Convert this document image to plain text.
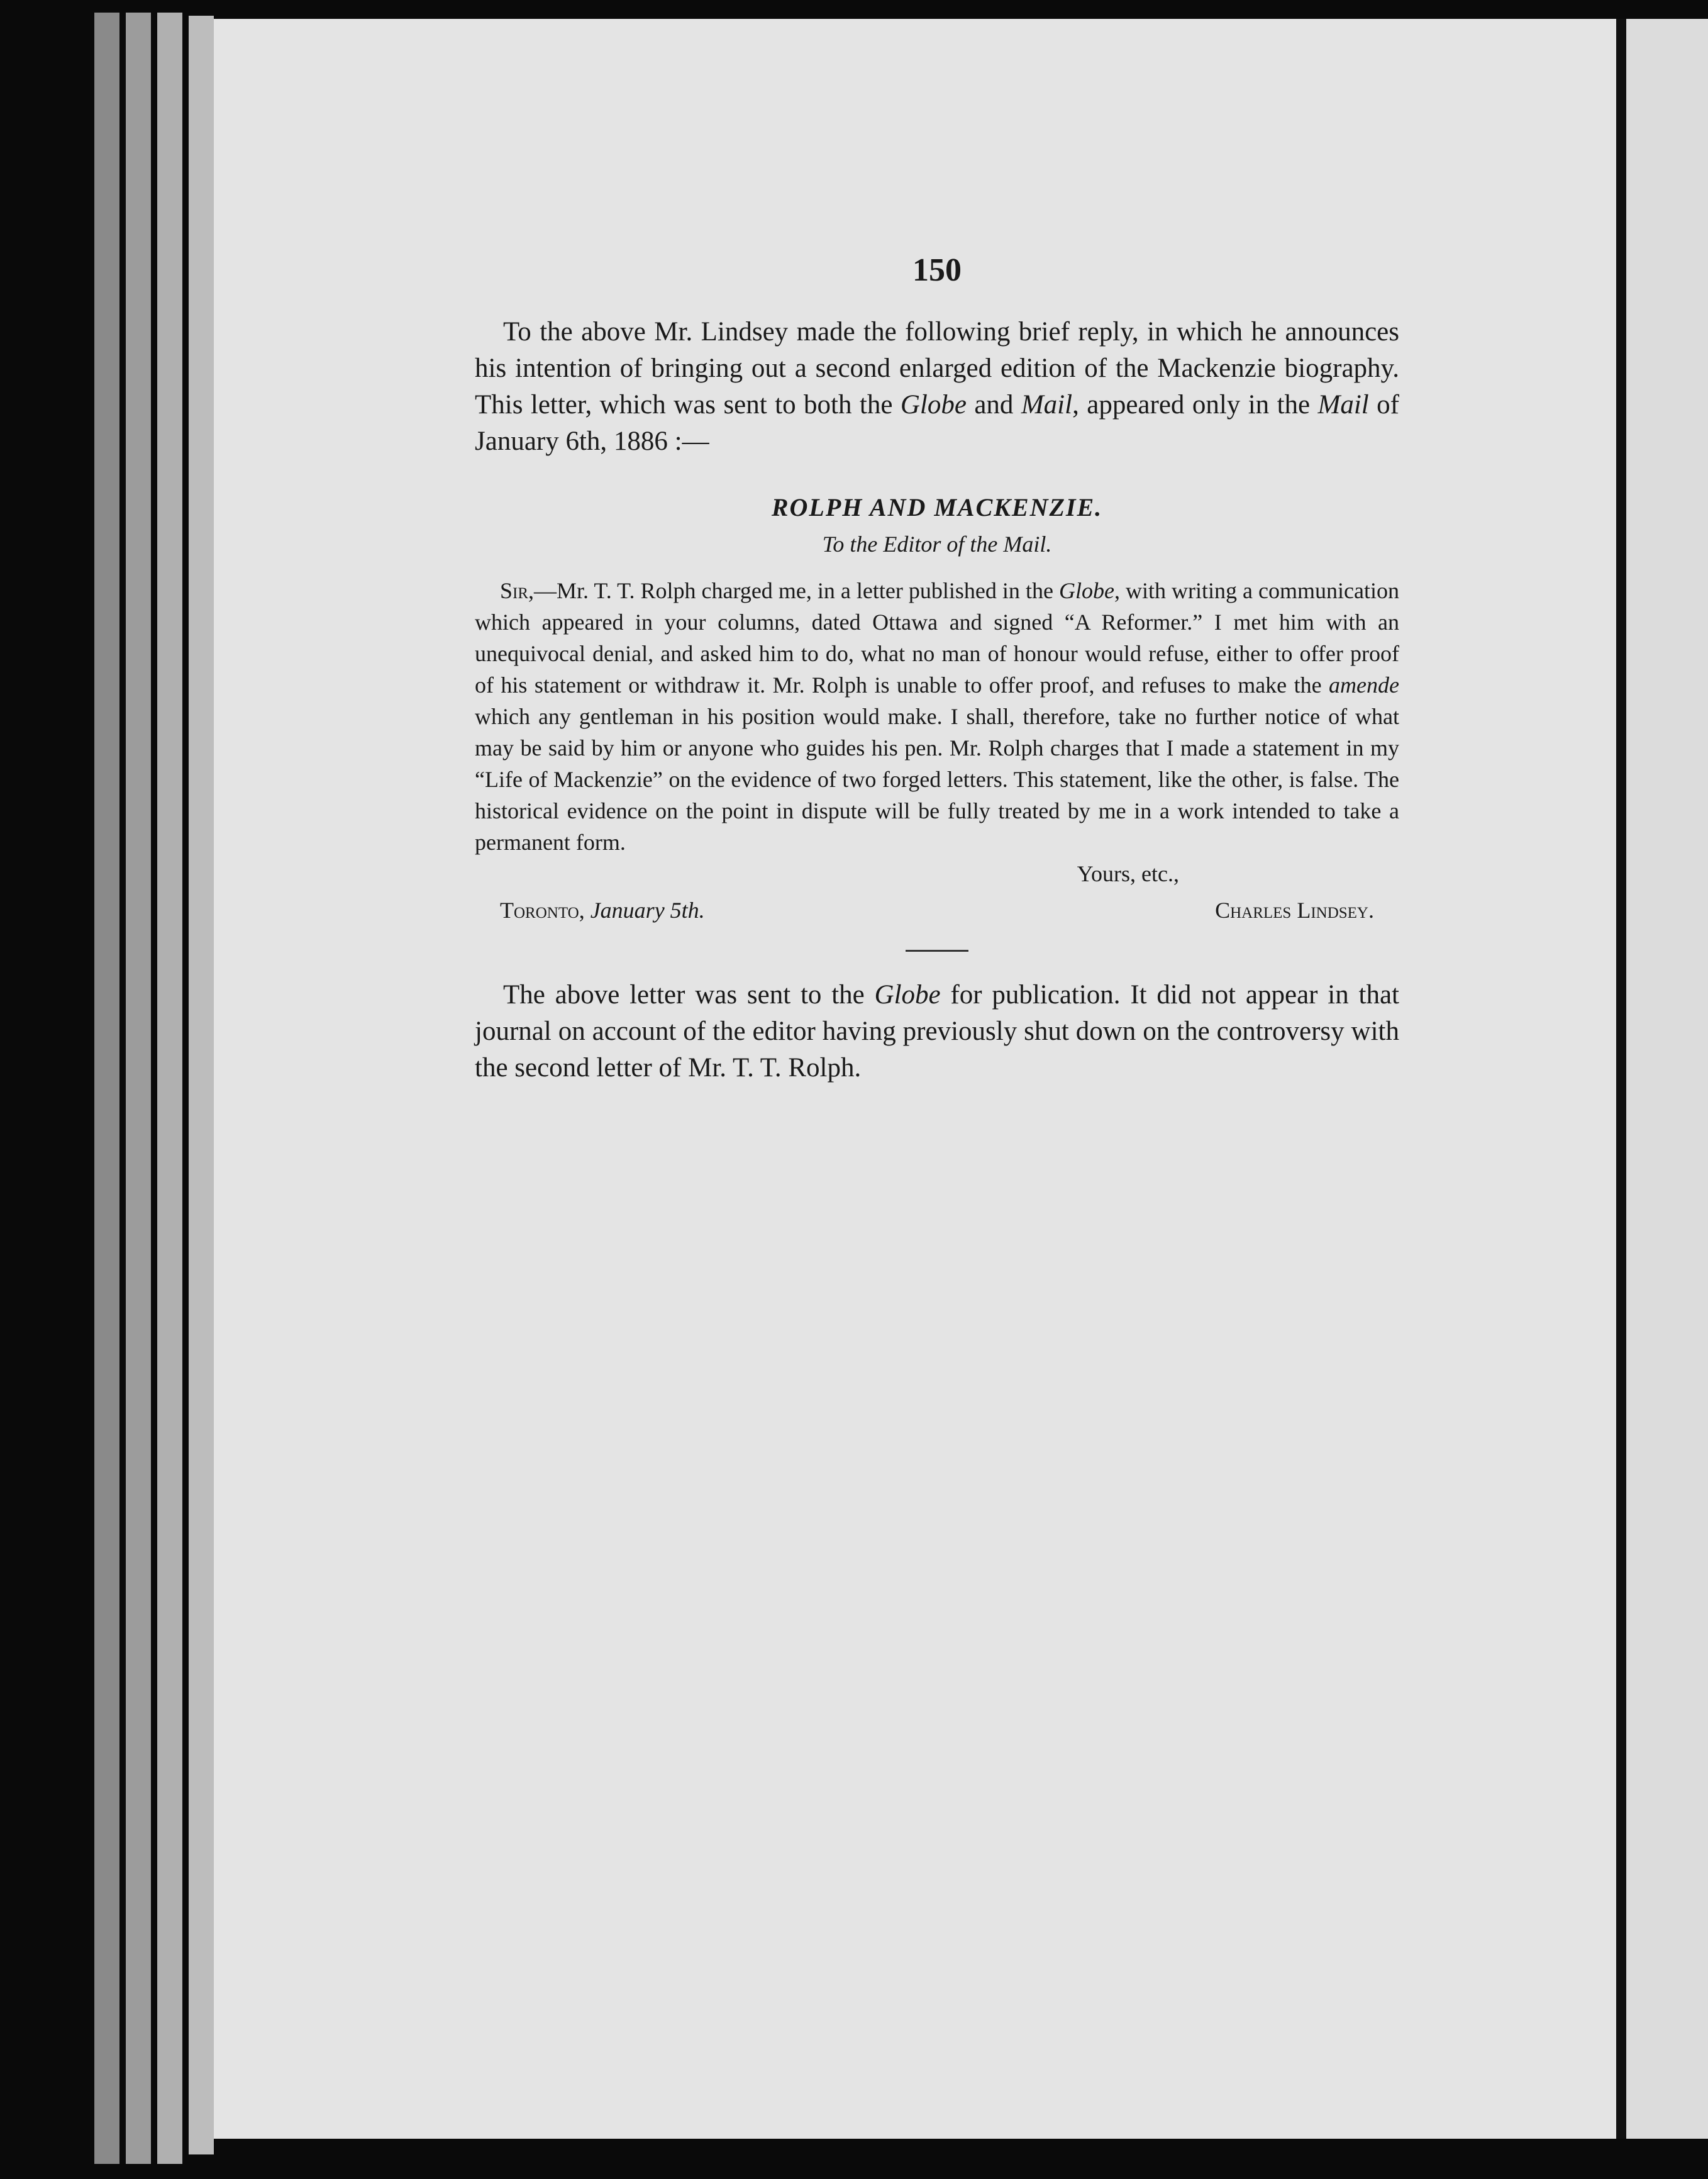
150

To the above Mr. Lindsey made the following brief reply, in which he announces his intention of bringing out a second enlarged edition of the Mackenzie biography. This letter, which was sent to both the Globe and Mail, appeared only in the Mail of January 6th, 1886 :—

ROLPH AND MACKENZIE.
To the Editor of the Mail.

Sir,—Mr. T. T. Rolph charged me, in a letter published in the Globe, with writing a communication which appeared in your columns, dated Ottawa and signed “A Reformer.” I met him with an unequivocal denial, and asked him to do, what no man of honour would refuse, either to offer proof of his statement or withdraw it. Mr. Rolph is unable to offer proof, and refuses to make the amende which any gentleman in his position would make. I shall, therefore, take no further notice of what may be said by him or anyone who guides his pen. Mr. Rolph charges that I made a statement in my “Life of Mackenzie” on the evidence of two forged letters. This statement, like the other, is false. The historical evidence on the point in dispute will be fully treated by me in a work intended to take a permanent form.

Yours, etc.,

Toronto, January 5th.	Charles Lindsey.

The above letter was sent to the Globe for publication. It did not appear in that journal on account of the editor having previously shut down on the controversy with the second letter of Mr. T. T. Rolph.
